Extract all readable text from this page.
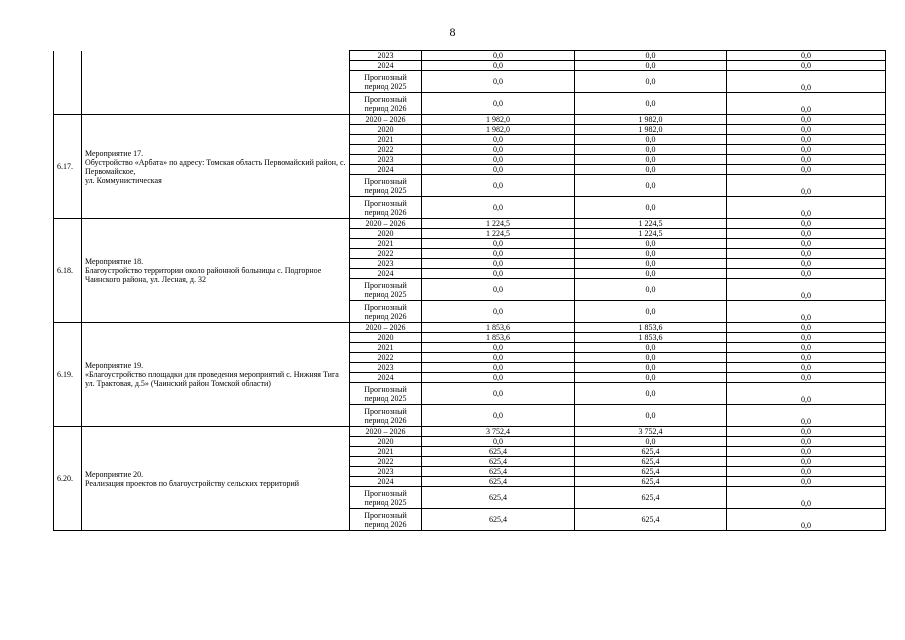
8
		2023	0,0	0,0	0,0
		2024	0,0	0,0	0,0
		Прогнозный период 2025	0,0	0,0	0,0
		Прогнозный период 2026	0,0	0,0	0,0
6.17.	Мероприятие 17.
Обустройство «Арбата» по адресу: Томская область Первомайский район, с. Первомайское,
ул. Коммунистическая	2020 – 2026	1 982,0	1 982,0	0,0
		2020	1 982,0	1 982,0	0,0
		2021	0,0	0,0	0,0
		2022	0,0	0,0	0,0
		2023	0,0	0,0	0,0
		2024	0,0	0,0	0,0
		Прогнозный период 2025	0,0	0,0	0,0
		Прогнозный период 2026	0,0	0,0	0,0
6.18.	Мероприятие 18.
Благоустройство территории около районной больницы с. Подгорное Чаинского района, ул. Лесная, д. 32	2020 – 2026	1 224,5	1 224,5	0,0
		2020	1 224,5	1 224,5	0,0
		2021	0,0	0,0	0,0
		2022	0,0	0,0	0,0
		2023	0,0	0,0	0,0
		2024	0,0	0,0	0,0
		Прогнозный период 2025	0,0	0,0	0,0
		Прогнозный период 2026	0,0	0,0	0,0
6.19.	Мероприятие 19.
«Благоустройство площадки для проведения мероприятий с. Нижняя Тига ул. Трактовая, д.5» (Чаинский район Томской области)	2020 – 2026	1 853,6	1 853,6	0,0
		2020	1 853,6	1 853,6	0,0
		2021	0,0	0,0	0,0
		2022	0,0	0,0	0,0
		2023	0,0	0,0	0,0
		2024	0,0	0,0	0,0
		Прогнозный период 2025	0,0	0,0	0,0
		Прогнозный период 2026	0,0	0,0	0,0
6.20.	Мероприятие 20.
Реализация проектов по благоустройству сельских территорий	2020 – 2026	3 752,4	3 752,4	0,0
		2020	0,0	0,0	0,0
		2021	625,4	625,4	0,0
		2022	625,4	625,4	0,0
		2023	625,4	625,4	0,0
		2024	625,4	625,4	0,0
		Прогнозный период 2025	625,4	625,4	0,0
		Прогнозный период 2026	625,4	625,4	0,0
